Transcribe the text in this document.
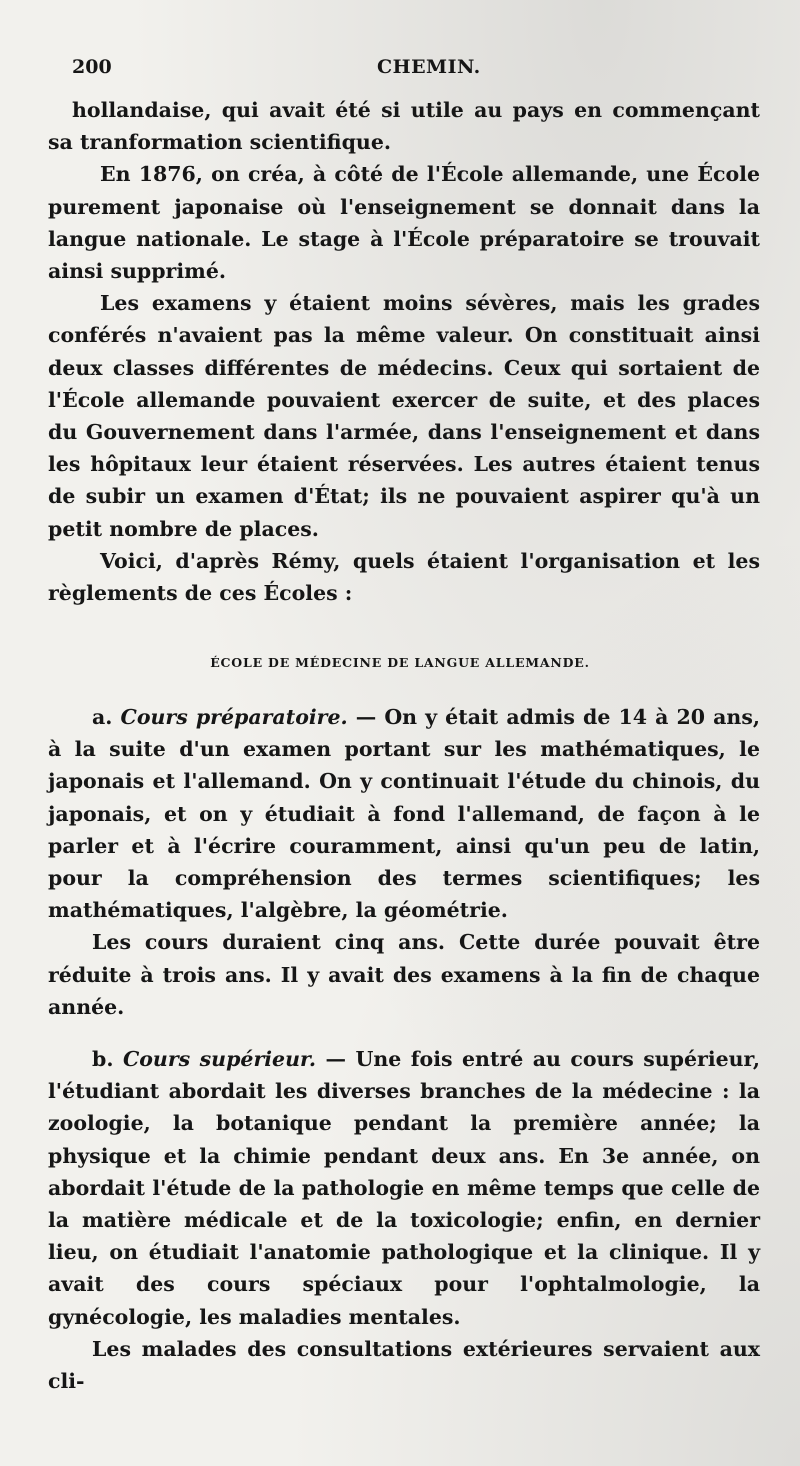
200	CHEMIN.

hollandaise, qui avait été si utile au pays en commençant sa tranformation scientifique.

En 1876, on créa, à côté de l'École allemande, une École purement japonaise où l'enseignement se donnait dans la langue nationale. Le stage à l'École préparatoire se trouvait ainsi supprimé.

Les examens y étaient moins sévères, mais les grades conférés n'avaient pas la même valeur. On constituait ainsi deux classes différentes de médecins. Ceux qui sortaient de l'École allemande pouvaient exercer de suite, et des places du Gouvernement dans l'armée, dans l'enseignement et dans les hôpitaux leur étaient réservées. Les autres étaient tenus de subir un examen d'État; ils ne pouvaient aspirer qu'à un petit nombre de places.

Voici, d'après Rémy, quels étaient l'organisation et les règlements de ces Écoles :

ÉCOLE DE MÉDECINE DE LANGUE ALLEMANDE.

a. Cours préparatoire. — On y était admis de 14 à 20 ans, à la suite d'un examen portant sur les mathématiques, le japonais et l'allemand. On y continuait l'étude du chinois, du japonais, et on y étudiait à fond l'allemand, de façon à le parler et à l'écrire couramment, ainsi qu'un peu de latin, pour la compréhension des termes scientifiques; les mathématiques, l'algèbre, la géométrie.

Les cours duraient cinq ans. Cette durée pouvait être réduite à trois ans. Il y avait des examens à la fin de chaque année.

b. Cours supérieur. — Une fois entré au cours supérieur, l'étudiant abordait les diverses branches de la médecine : la zoologie, la botanique pendant la première année; la physique et la chimie pendant deux ans. En 3e année, on abordait l'étude de la pathologie en même temps que celle de la matière médicale et de la toxicologie; enfin, en dernier lieu, on étudiait l'anatomie pathologique et la clinique. Il y avait des cours spéciaux pour l'ophtalmologie, la gynécologie, les maladies mentales.

Les malades des consultations extérieures servaient aux cli-
